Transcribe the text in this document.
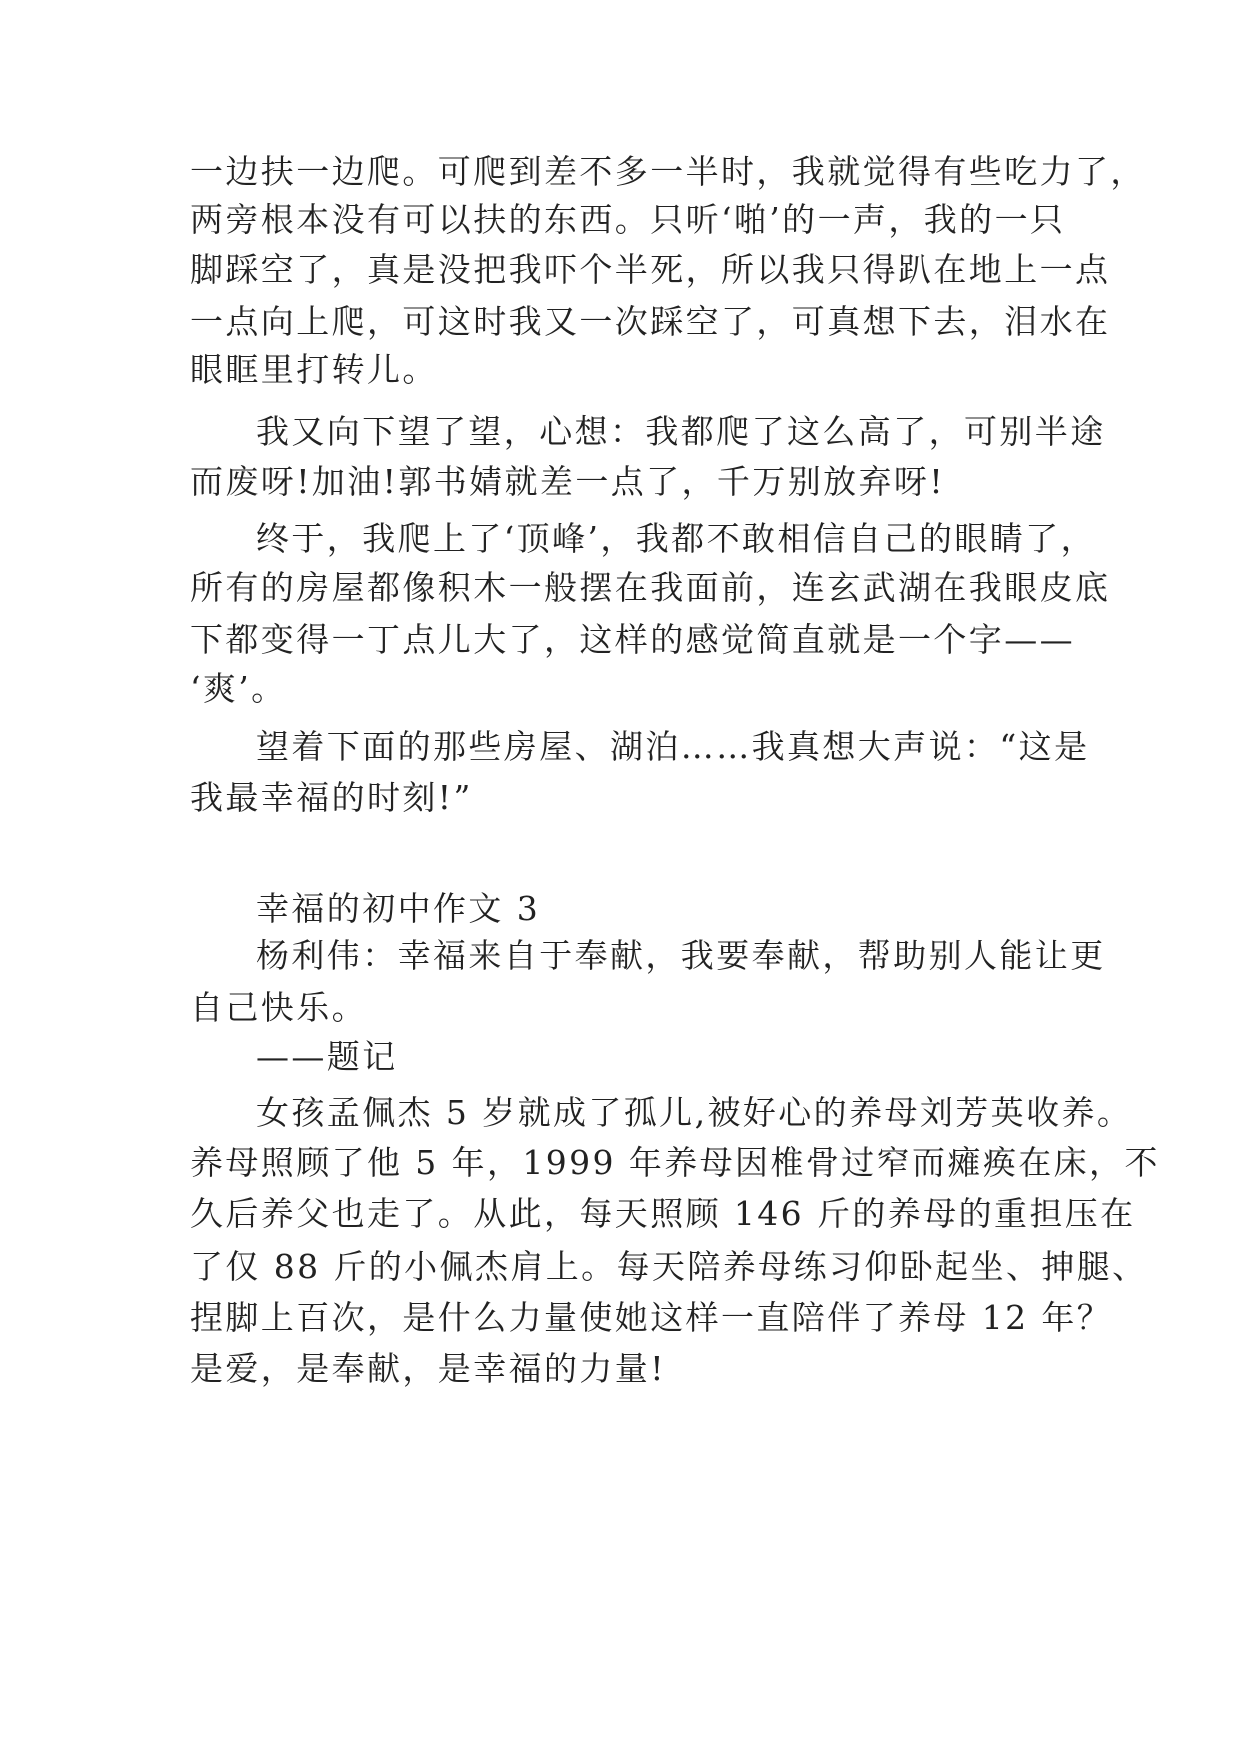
一边扶一边爬。可爬到差不多一半时，我就觉得有些吃力了，
两旁根本没有可以扶的东西。只听‘啪’的一声，我的一只
脚踩空了，真是没把我吓个半死，所以我只得趴在地上一点
一点向上爬，可这时我又一次踩空了，可真想下去，泪水在
眼眶里打转儿。
我又向下望了望，心想：我都爬了这么高了，可别半途
而废呀!加油!郭书婧就差一点了，千万别放弃呀!
终于，我爬上了‘顶峰’，我都不敢相信自己的眼睛了，
所有的房屋都像积木一般摆在我面前，连玄武湖在我眼皮底
下都变得一丁点儿大了，这样的感觉简直就是一个字——
‘爽’。
望着下面的那些房屋、湖泊……我真想大声说：“这是
我最幸福的时刻!”
幸福的初中作文 3
杨利伟：幸福来自于奉献，我要奉献，帮助别人能让更
自己快乐。
——题记
女孩孟佩杰 5 岁就成了孤儿,被好心的养母刘芳英收养。
养母照顾了他 5 年，1999 年养母因椎骨过窄而瘫痪在床，不
久后养父也走了。从此，每天照顾 146 斤的养母的重担压在
了仅 88 斤的小佩杰肩上。每天陪养母练习仰卧起坐、抻腿、
捏脚上百次，是什么力量使她这样一直陪伴了养母 12 年？
是爱，是奉献，是幸福的力量!
